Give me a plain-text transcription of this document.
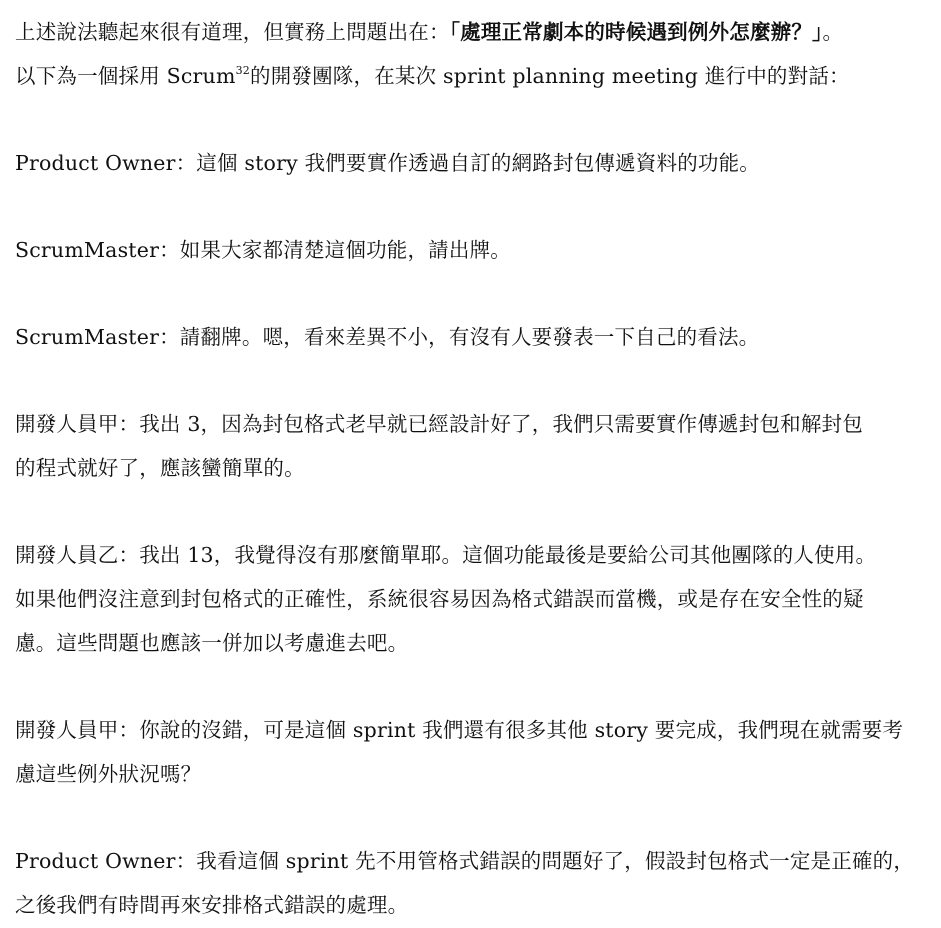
上述說法聽起來很有道理，但實務上問題出在：「處理正常劇本的時候遇到例外怎麼辦？」。
以下為一個採用 Scrum$^{32}$的開發團隊，在某次 sprint planning meeting 進行中的對話：
Product Owner：這個 story 我們要實作透過自訂的網路封包傳遞資料的功能。
ScrumMaster：如果大家都清楚這個功能，請出牌。
ScrumMaster：請翻牌。嗯，看來差異不小，有沒有人要發表一下自己的看法。
開發人員甲：我出 3，因為封包格式老早就已經設計好了，我們只需要實作傳遞封包和解封包
的程式就好了，應該蠻簡單的。
開發人員乙：我出 13，我覺得沒有那麼簡單耶。這個功能最後是要給公司其他團隊的人使用。
如果他們沒注意到封包格式的正確性，系統很容易因為格式錯誤而當機，或是存在安全性的疑
慮。這些問題也應該一併加以考慮進去吧。
開發人員甲：你說的沒錯，可是這個 sprint 我們還有很多其他 story 要完成，我們現在就需要考
慮這些例外狀況嗎？
Product Owner：我看這個 sprint 先不用管格式錯誤的問題好了，假設封包格式一定是正確的，
之後我們有時間再來安排格式錯誤的處理。
